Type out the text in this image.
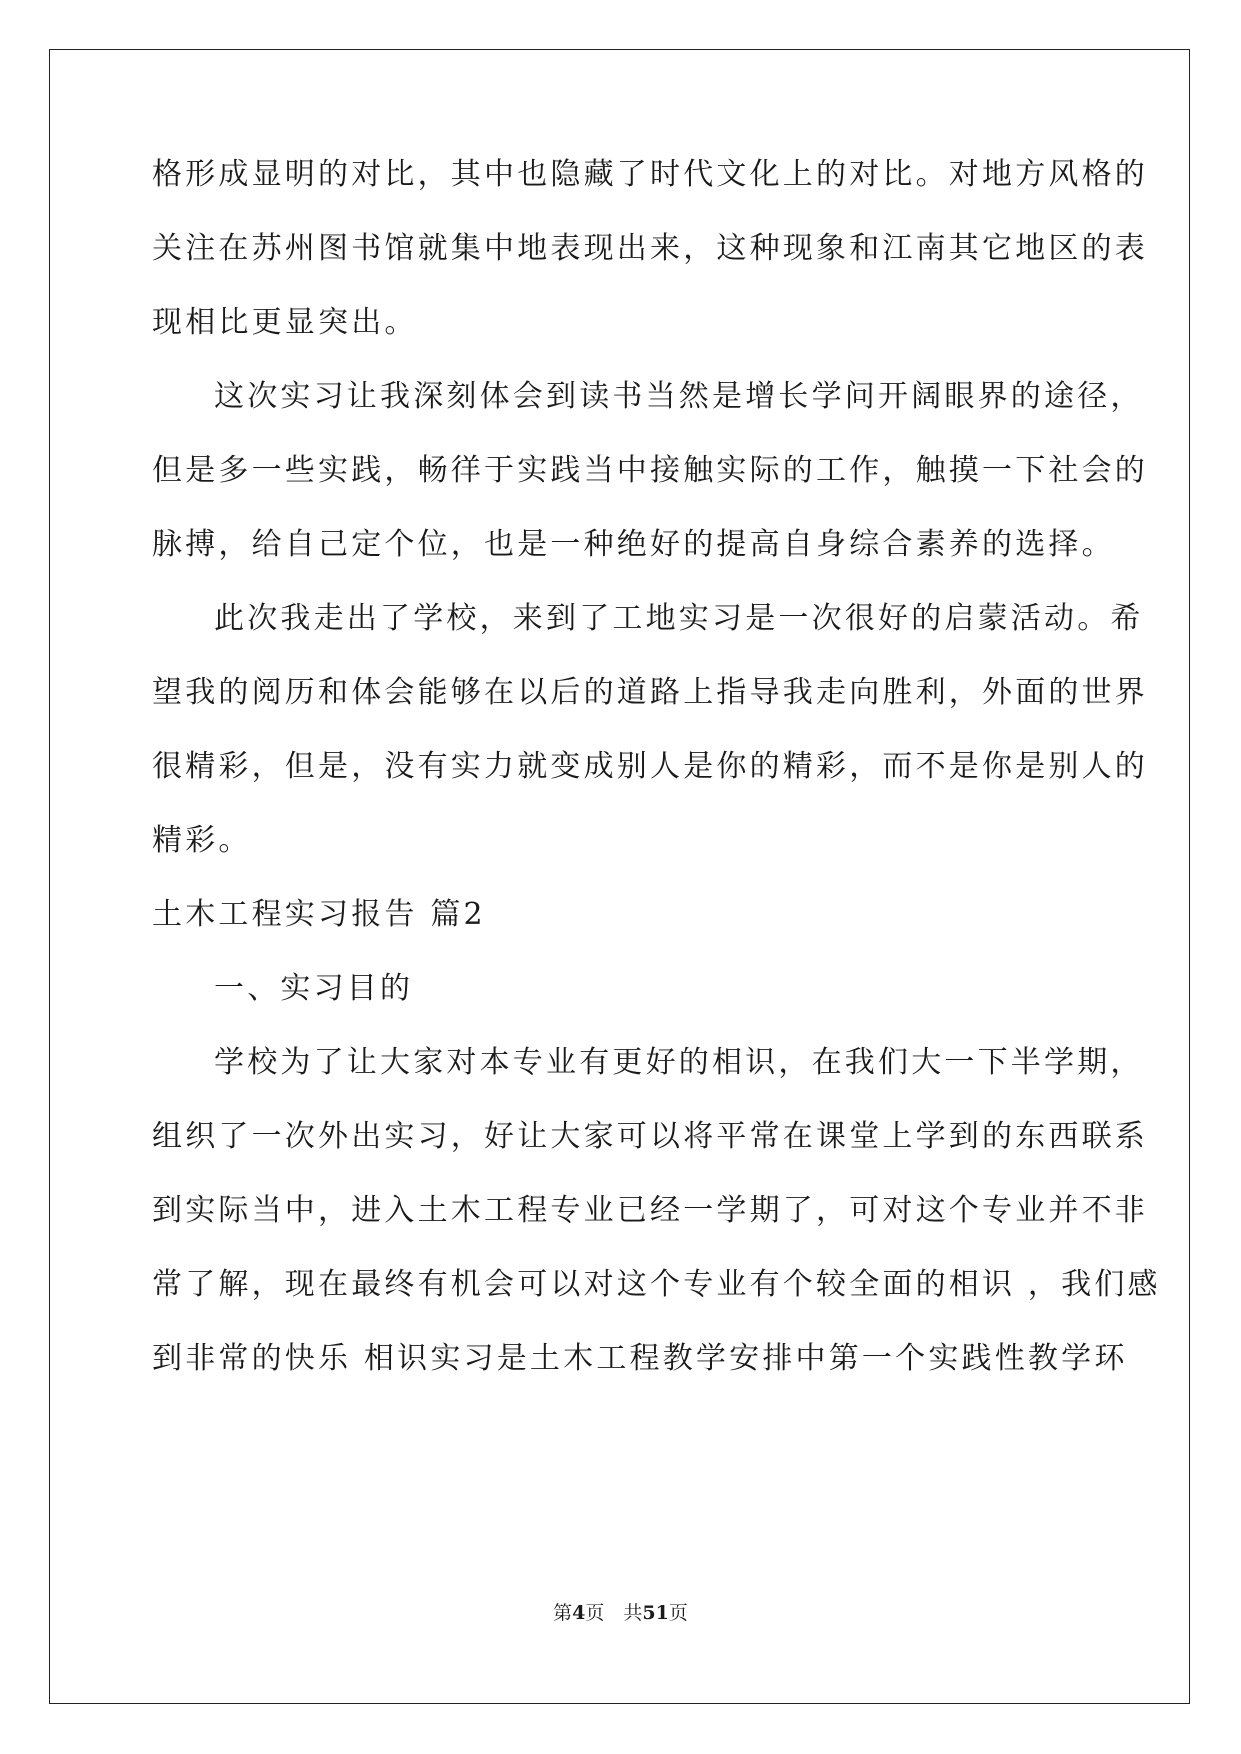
格形成显明的对比，其中也隐藏了时代文化上的对比。对地方风格的
关注在苏州图书馆就集中地表现出来，这种现象和江南其它地区的表
现相比更显突出。
这次实习让我深刻体会到读书当然是增长学问开阔眼界的途径，
但是多一些实践，畅徉于实践当中接触实际的工作，触摸一下社会的
脉搏，给自己定个位，也是一种绝好的提高自身综合素养的选择。
此次我走出了学校，来到了工地实习是一次很好的启蒙活动。希
望我的阅历和体会能够在以后的道路上指导我走向胜利，外面的世界
很精彩，但是，没有实力就变成别人是你的精彩，而不是你是别人的
精彩。
土木工程实习报告 篇2
一、实习目的
学校为了让大家对本专业有更好的相识，在我们大一下半学期，
组织了一次外出实习，好让大家可以将平常在课堂上学到的东西联系
到实际当中，进入土木工程专业已经一学期了，可对这个专业并不非
常了解，现在最终有机会可以对这个专业有个较全面的相识 ，我们感
到非常的快乐 相识实习是土木工程教学安排中第一个实践性教学环
第4页　共51页
